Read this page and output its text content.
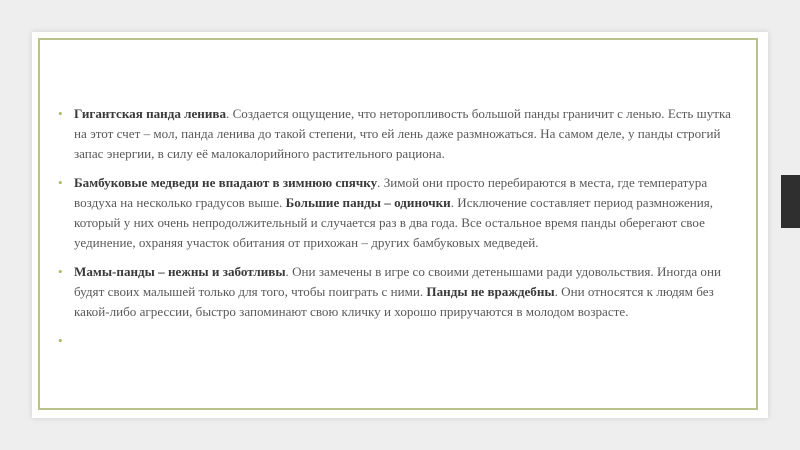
• Гигантская панда ленива. Создается ощущение, что неторопливость большой панды граничит с ленью. Есть шутка на этот счет – мол, панда ленива до такой степени, что ей лень даже размножаться. На самом деле, у панды строгий запас энергии, в силу её малокалорийного растительного рациона.

• Бамбуковые медведи не впадают в зимнюю спячку. Зимой они просто перебираются в места, где температура воздуха на несколько градусов выше. Большие панды – одиночки. Исключение составляет период размножения, который у них очень непродолжительный и случается раз в два года. Все остальное время панды оберегают свое уединение, охраняя участок обитания от прихожан – других бамбуковых медведей.

• Мамы-панды – нежны и заботливы. Они замечены в игре со своими детенышами ради удовольствия. Иногда они будят своих малышей только для того, чтобы поиграть с ними. Панды не враждебны. Они относятся к людям без какой-либо агрессии, быстро запоминают свою кличку и хорошо приручаются в молодом возрасте.

•
